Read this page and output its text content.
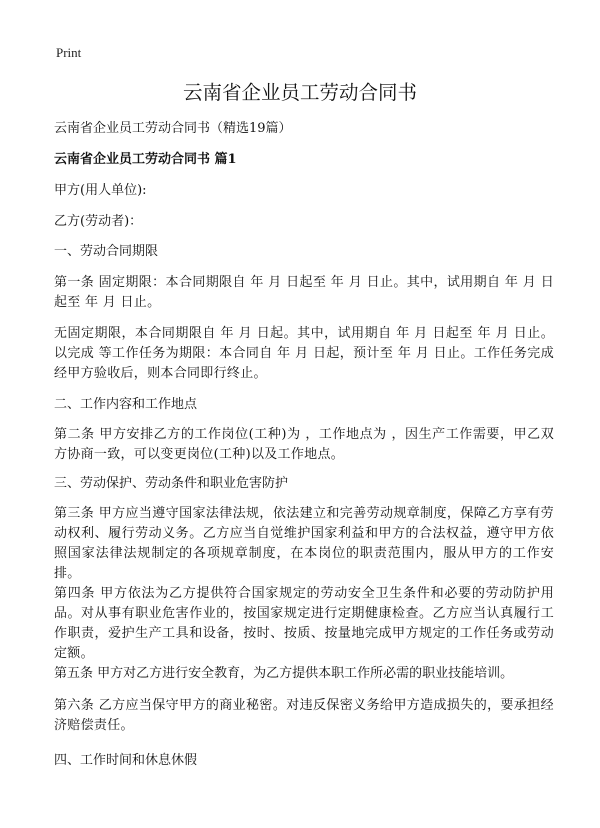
Print
云南省企业员工劳动合同书

云南省企业员工劳动合同书（精选19篇）

云南省企业员工劳动合同书 篇1

甲方(用人单位):

乙方(劳动者)：

一、劳动合同期限

第一条 固定期限：本合同期限自 年 月 日起至 年 月 日止。其中，试用期自 年 月 日起至 年 月 日止。

无固定期限，本合同期限自 年 月 日起。其中，试用期自 年 月 日起至 年 月 日止。以完成 等工作任务为期限：本合同自 年 月 日起，预计至 年 月 日止。工作任务完成经甲方验收后，则本合同即行终止。

二、工作内容和工作地点

第二条 甲方安排乙方的工作岗位(工种)为 ，工作地点为 ，因生产工作需要，甲乙双方协商一致，可以变更岗位(工种)以及工作地点。

三、劳动保护、劳动条件和职业危害防护

第三条 甲方应当遵守国家法律法规，依法建立和完善劳动规章制度，保障乙方享有劳动权利、履行劳动义务。乙方应当自觉维护国家利益和甲方的合法权益，遵守甲方依照国家法律法规制定的各项规章制度，在本岗位的职责范围内，服从甲方的工作安排。

第四条 甲方依法为乙方提供符合国家规定的劳动安全卫生条件和必要的劳动防护用品。对从事有职业危害作业的，按国家规定进行定期健康检查。乙方应当认真履行工作职责，爱护生产工具和设备，按时、按质、按量地完成甲方规定的工作任务或劳动定额。

第五条 甲方对乙方进行安全教育，为乙方提供本职工作所必需的职业技能培训。

第六条 乙方应当保守甲方的商业秘密。对违反保密义务给甲方造成损失的，要承担经济赔偿责任。

四、工作时间和休息休假
